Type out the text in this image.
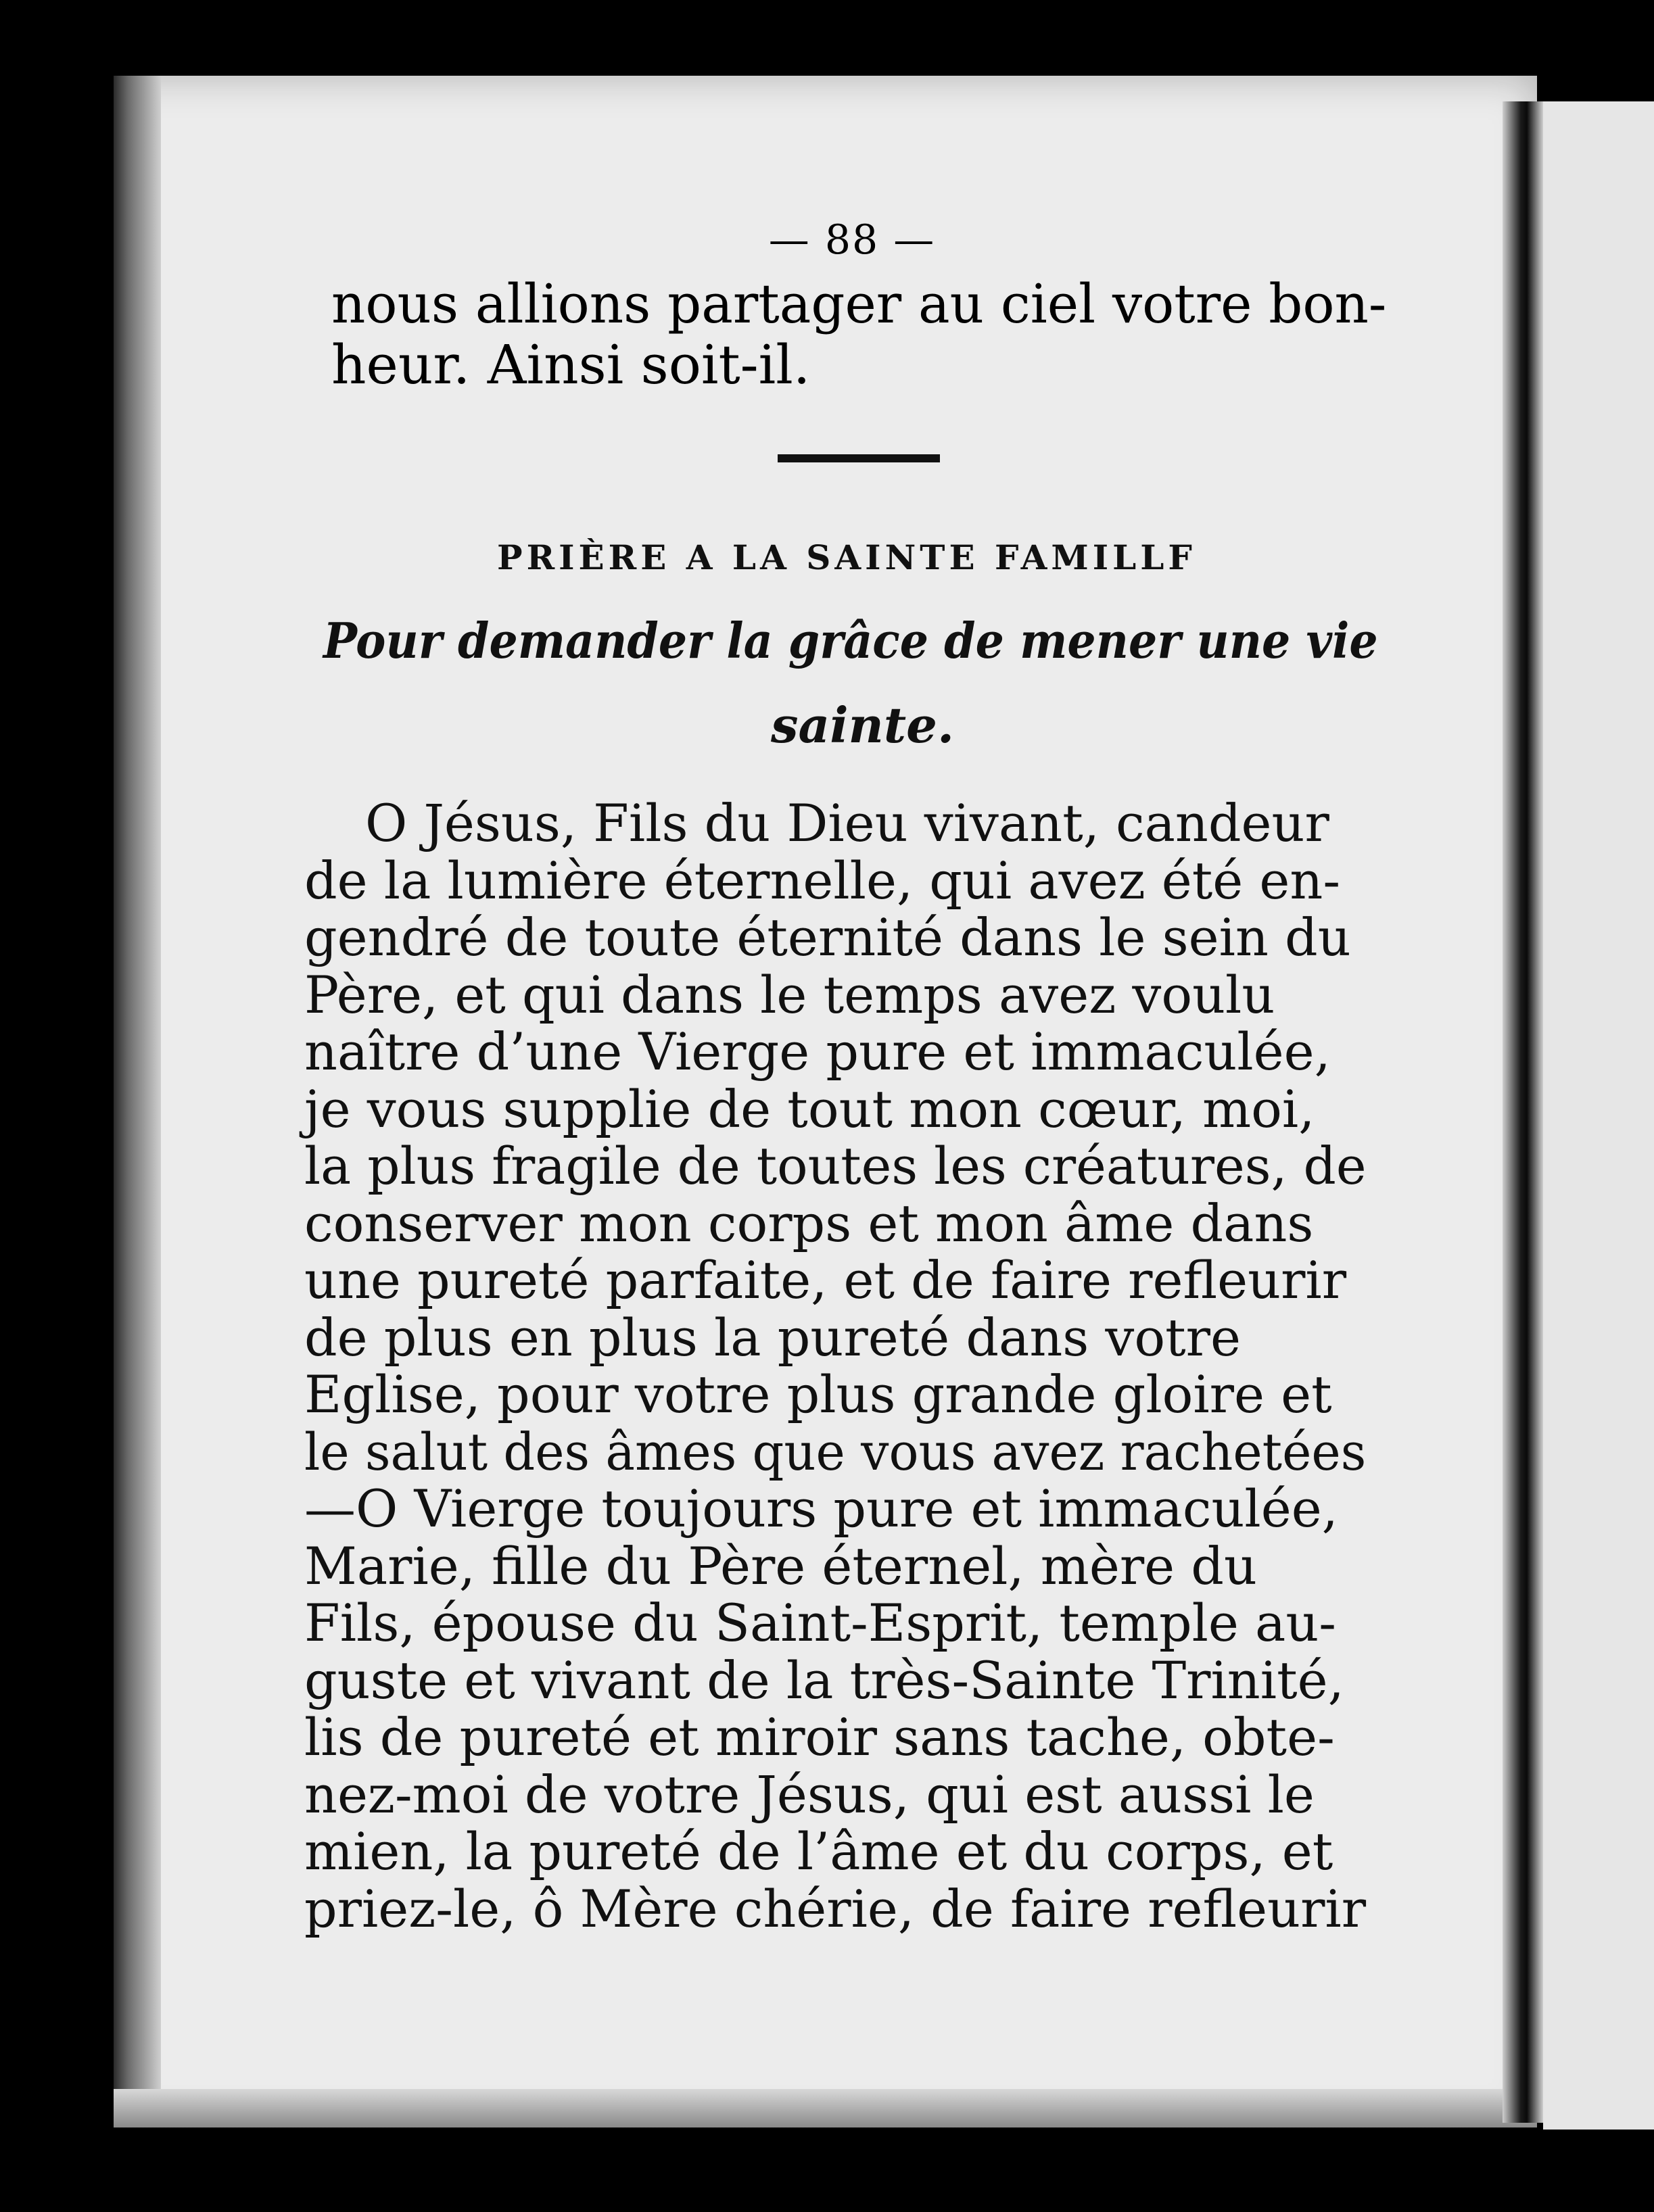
— 88 —
nous allions partager au ciel votre bon-
heur. Ainsi soit-il.
PRIÈRE A LA SAINTE FAMILLF
Pour demander la grâce de mener une vie
sainte.
O Jésus, Fils du Dieu vivant, candeur
de la lumière éternelle, qui avez été en-
gendré de toute éternité dans le sein du
Père, et qui dans le temps avez voulu
naître d’une Vierge pure et immaculée,
je vous supplie de tout mon cœur, moi,
la plus fragile de toutes les créatures, de
conserver mon corps et mon âme dans
une pureté parfaite, et de faire refleurir
de plus en plus la pureté dans votre
Eglise, pour votre plus grande gloire et
le salut des âmes que vous avez rachetées
—O Vierge toujours pure et immaculée,
Marie, fille du Père éternel, mère du
Fils, épouse du Saint-Esprit, temple au-
guste et vivant de la très-Sainte Trinité,
lis de pureté et miroir sans tache, obte-
nez-moi de votre Jésus, qui est aussi le
mien, la pureté de l’âme et du corps, et
priez-le, ô Mère chérie, de faire refleurir
